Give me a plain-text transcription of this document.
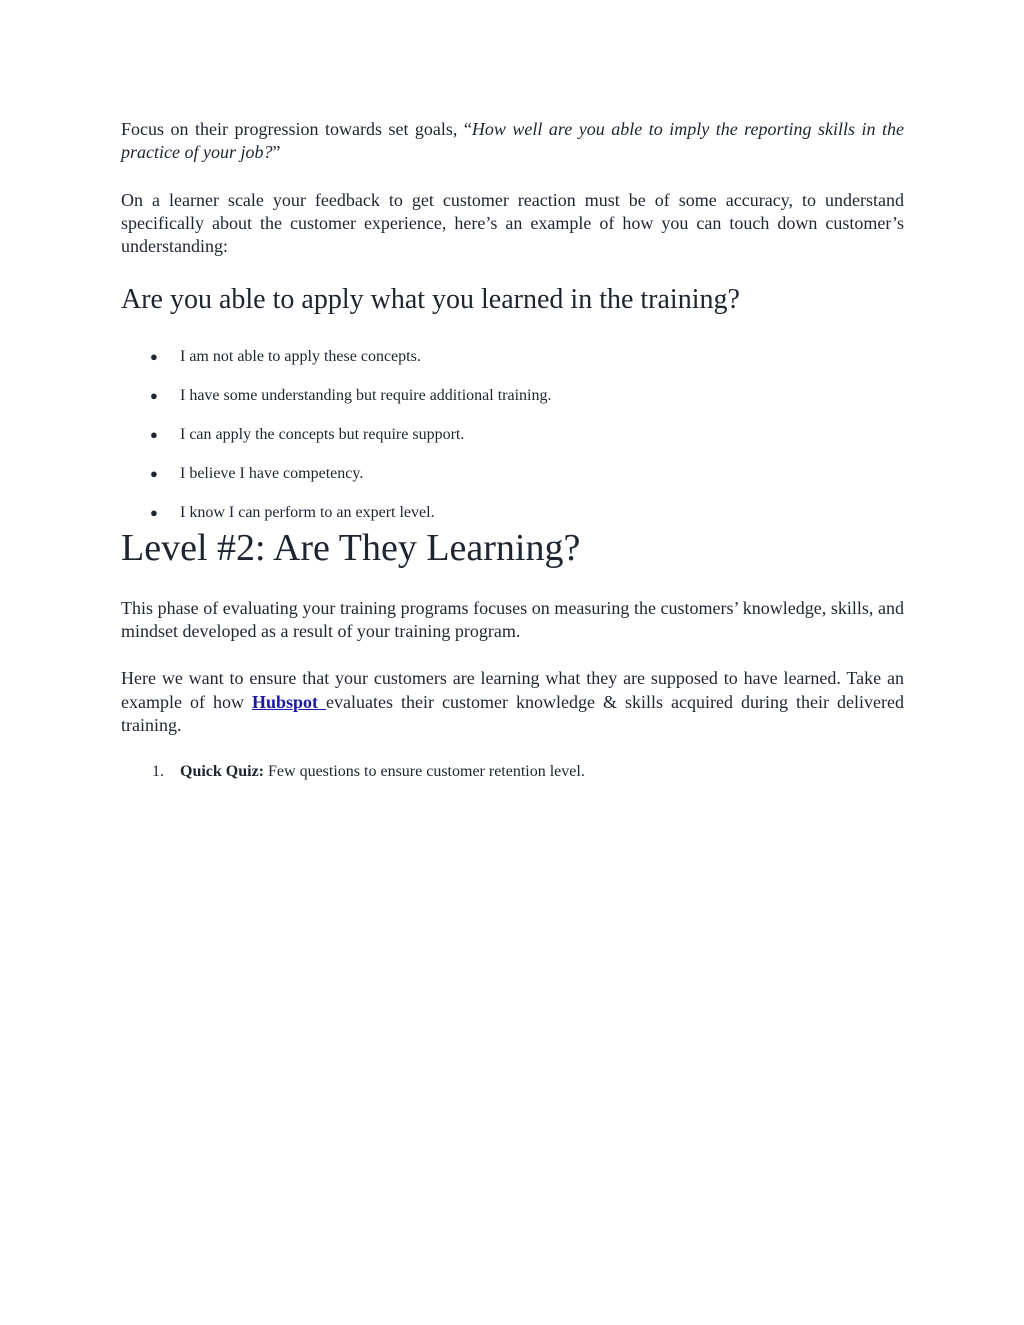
Focus on their progression towards set goals, “How well are you able to imply the reporting skills in the practice of your job?”

On a learner scale your feedback to get customer reaction must be of some accuracy, to understand specifically about the customer experience, here’s an example of how you can touch down customer’s understanding:

Are you able to apply what you learned in the training?
● I am not able to apply these concepts.
● I have some understanding but require additional training.
● I can apply the concepts but require support.
● I believe I have competency.
● I know I can perform to an expert level.
Level #2: Are They Learning?

This phase of evaluating your training programs focuses on measuring the customers’ knowledge, skills, and mindset developed as a result of your training program.

Here we want to ensure that your customers are learning what they are supposed to have learned. Take an example of how Hubspot evaluates their customer knowledge & skills acquired during their delivered training.

1. Quick Quiz: Few questions to ensure customer retention level.
